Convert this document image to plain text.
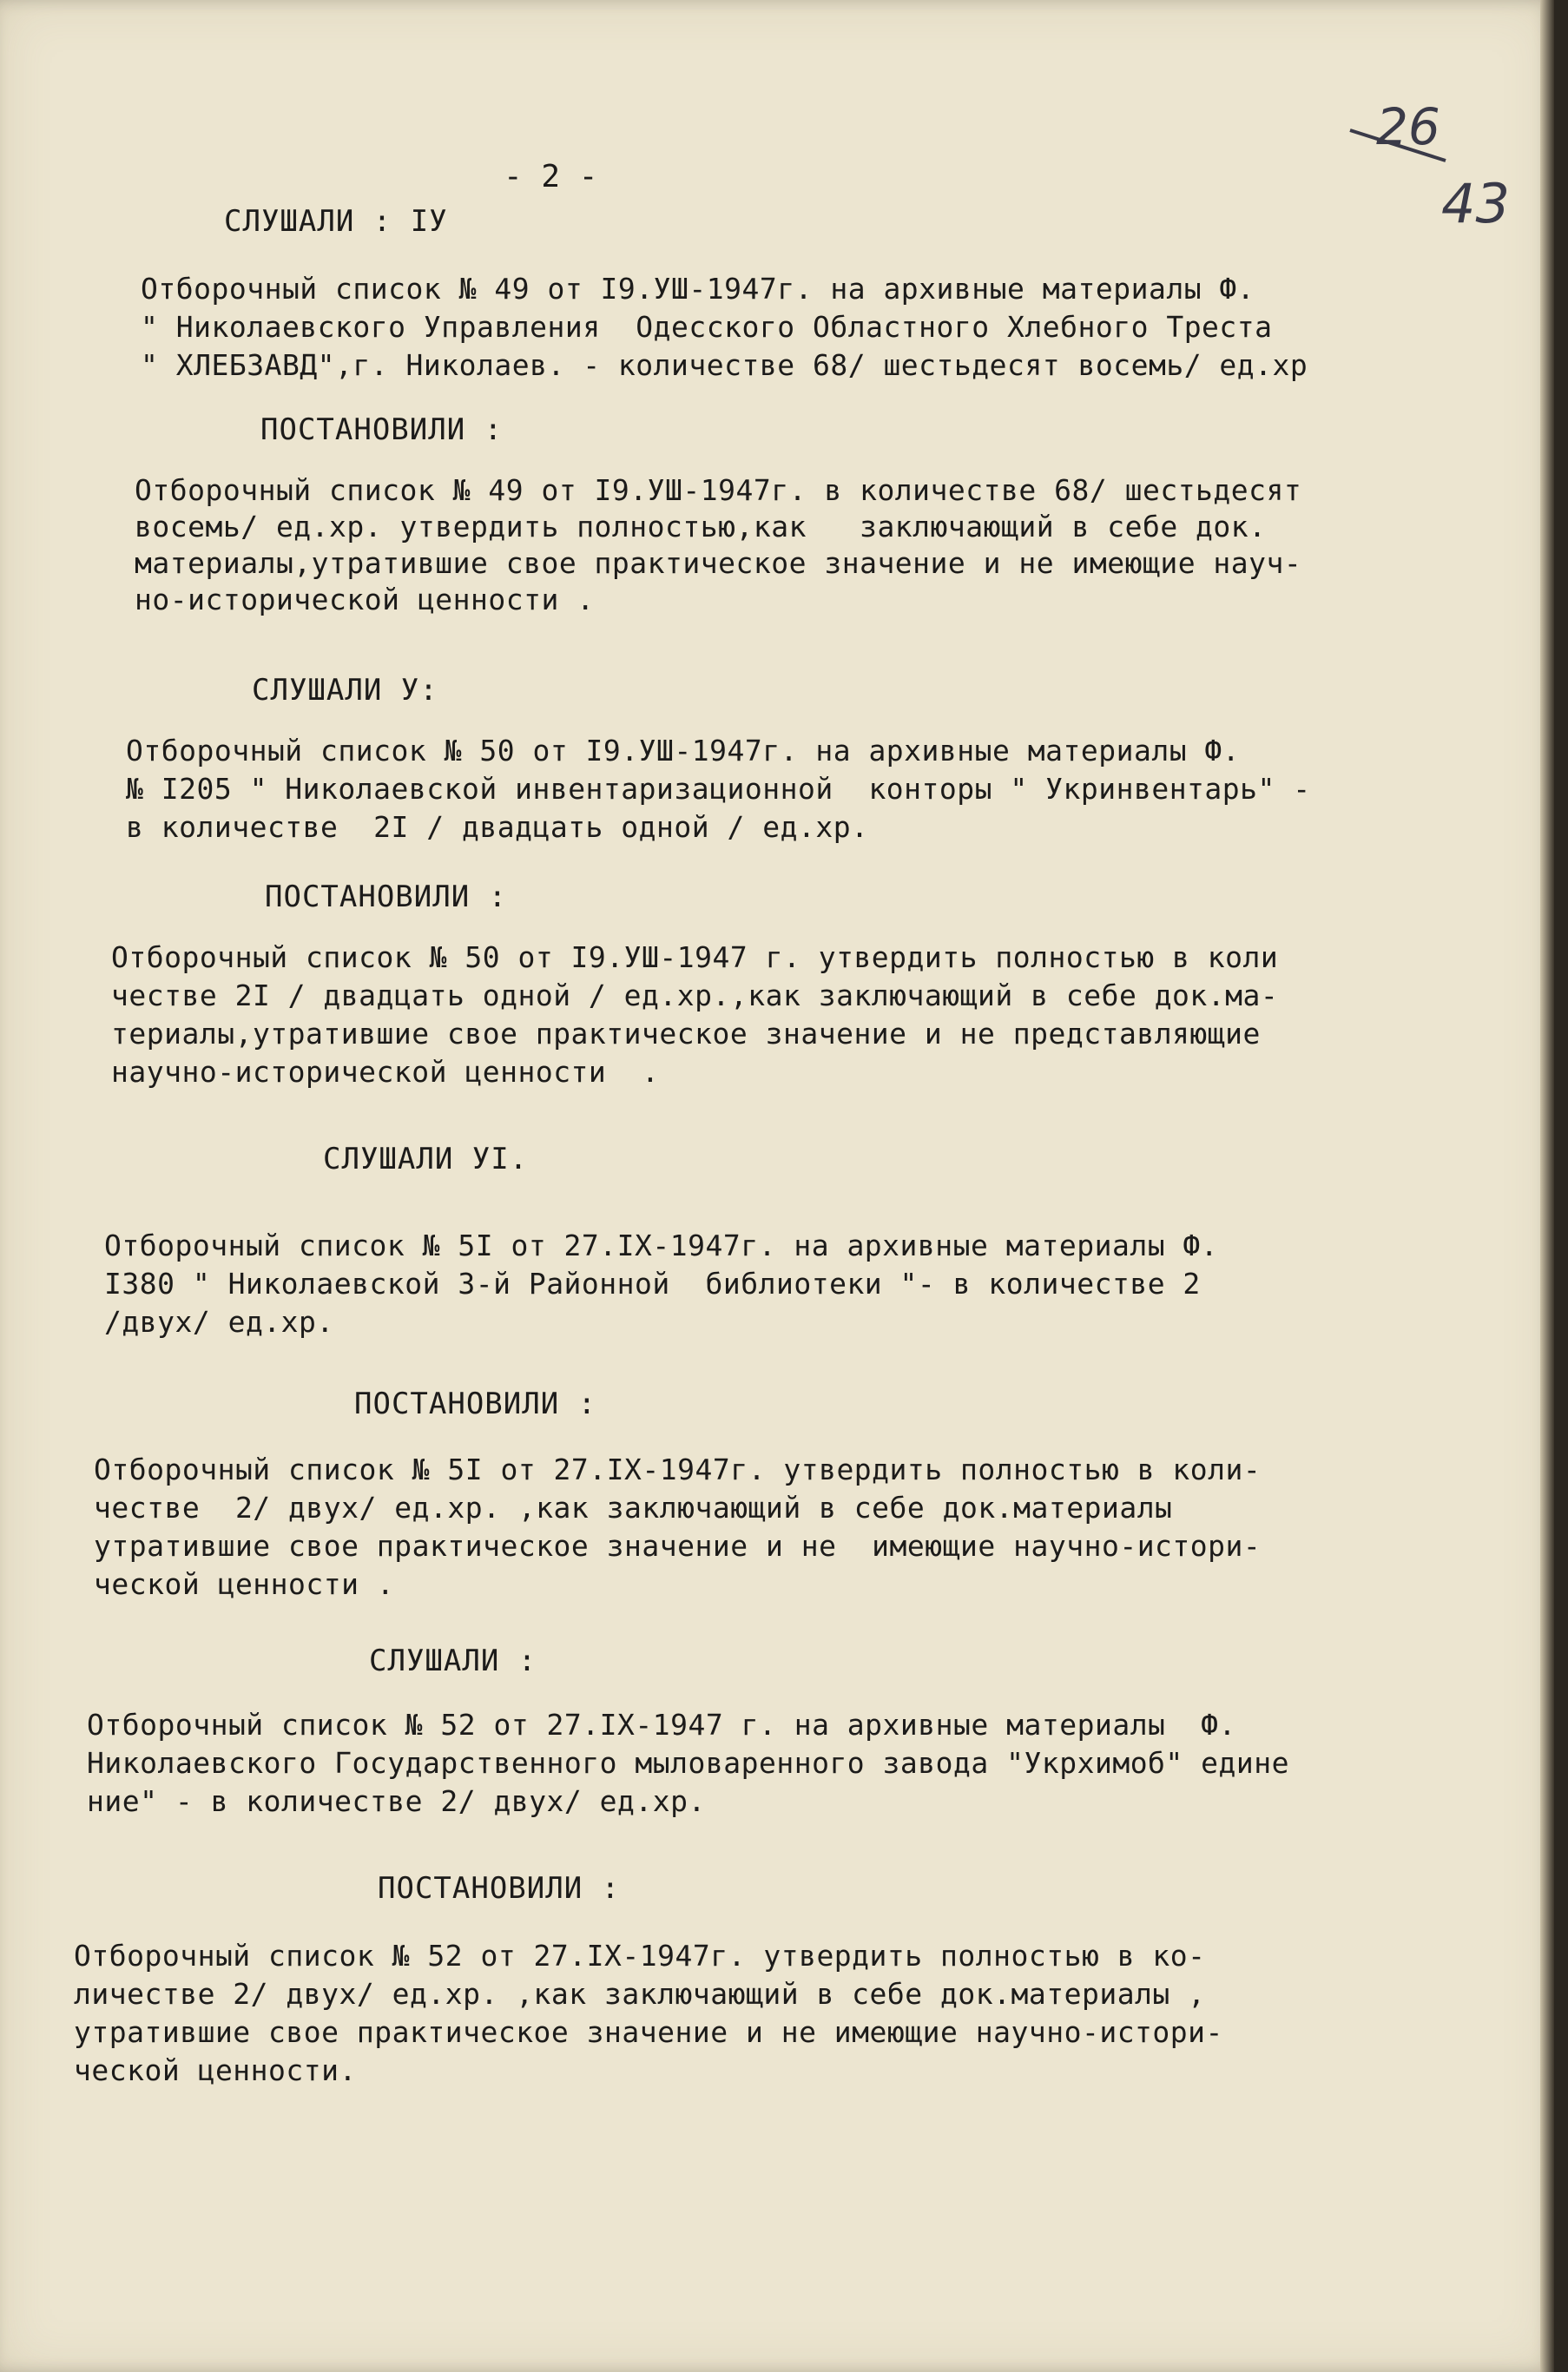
- 2 -
26
43
СЛУШАЛИ : IУ
Отборочный список № 49 от I9.УШ-1947г. на архивные материалы Ф.
" Николаевского Управления  Одесского Областного Хлебного Треста
" ХЛЕБЗАВД",г. Николаев. - количестве 68/ шестьдесят восемь/ ед.хр
ПОСТАНОВИЛИ :
Отборочный список № 49 от I9.УШ-1947г. в количестве 68/ шестьдесят
восемь/ ед.хр. утвердить полностью,как   заключающий в себе док.
материалы,утратившие свое практическое значение и не имеющие науч-
но-исторической ценности .
СЛУШАЛИ У:
Отборочный список № 50 от I9.УШ-1947г. на архивные материалы Ф.
№ I205 " Николаевской инвентаризационной  конторы " Укринвентарь" -
в количестве  2I / двадцать одной / ед.хр.
ПОСТАНОВИЛИ :
Отборочный список № 50 от I9.УШ-1947 г. утвердить полностью в коли
честве 2I / двадцать одной / ед.хр.,как заключающий в себе док.ма-
териалы,утратившие свое практическое значение и не представляющие
научно-исторической ценности  .
СЛУШАЛИ УI.
Отборочный список № 5I от 27.IX-1947г. на архивные материалы Ф.
I380 " Николаевской 3-й Районной  библиотеки "- в количестве 2
/двух/ ед.хр.
ПОСТАНОВИЛИ :
Отборочный список № 5I от 27.IX-1947г. утвердить полностью в коли-
честве  2/ двух/ ед.хр. ,как заключающий в себе док.материалы
утратившие свое практическое значение и не  имеющие научно-истори-
ческой ценности .
СЛУШАЛИ :
Отборочный список № 52 от 27.IX-1947 г. на архивные материалы  Ф.
Николаевского Государственного мыловаренного завода "Укрхимоб" едине
ние" - в количестве 2/ двух/ ед.хр.
ПОСТАНОВИЛИ :
Отборочный список № 52 от 27.IX-1947г. утвердить полностью в ко-
личестве 2/ двух/ ед.хр. ,как заключающий в себе док.материалы ,
утратившие свое практическое значение и не имеющие научно-истори-
ческой ценности.
